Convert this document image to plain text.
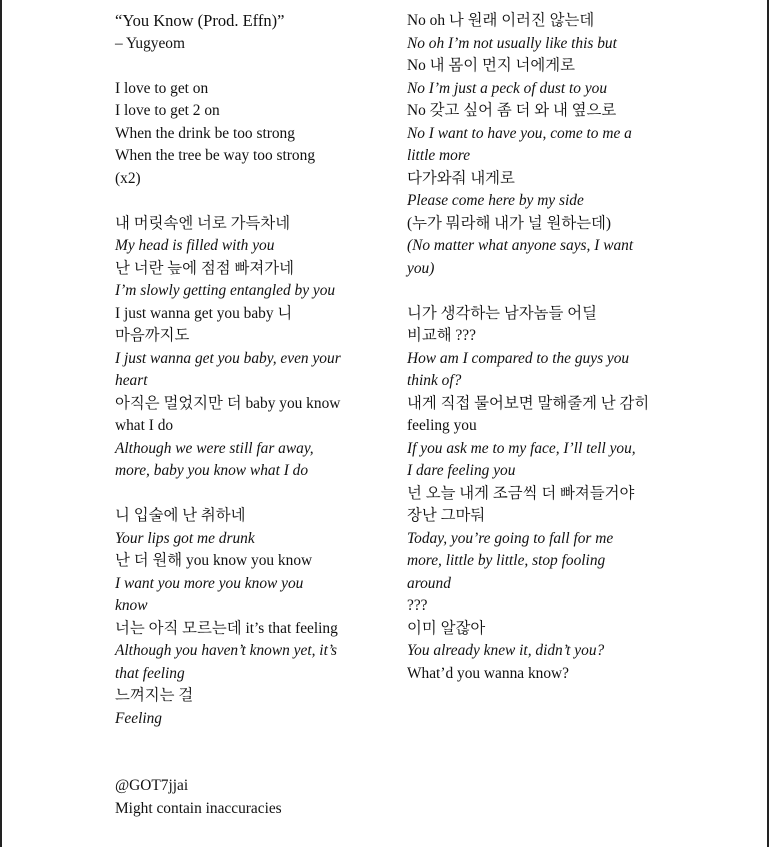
“You Know (Prod. Effn)”
– Yugyeom
I love to get on
I love to get 2 on
When the drink be too strong
When the tree be way too strong
(x2)
내 머릿속엔 너로 가득차네
My head is filled with you
난 너란 늪에 점점 빠져가네
I’m slowly getting entangled by you
I just wanna get you baby 니
마음까지도
I just wanna get you baby, even your
heart
아직은 멀었지만 더 baby you know
what I do
Although we were still far away,
more, baby you know what I do
니 입술에 난 취하네
Your lips got me drunk
난 더 원해 you know you know
I want you more you know you
know
너는 아직 모르는데 it’s that feeling
Although you haven’t known yet, it’s
that feeling
느껴지는 걸
Feeling
@GOT7jjai
Might contain inaccuracies
No oh 나 원래 이러진 않는데
No oh I’m not usually like this but
No 내 몸이 먼지 너에게로
No I’m just a peck of dust to you
No 갖고 싶어 좀 더 와 내 옆으로
No I want to have you, come to me a
little more
다가와줘 내게로
Please come here by my side
(누가 뭐라해 내가 널 원하는데)
(No matter what anyone says, I want
you)
니가 생각하는 남자놈들 어딜
비교해 ???
How am I compared to the guys you
think of?
내게 직접 물어보면 말해줄게 난 감히
feeling you
If you ask me to my face, I’ll tell you,
I dare feeling you
넌 오늘 내게 조금씩 더 빠져들거야
장난 그마둬
Today, you’re going to fall for me
more, little by little, stop fooling
around
???
이미 알잖아
You already knew it, didn’t you?
What’d you wanna know?
